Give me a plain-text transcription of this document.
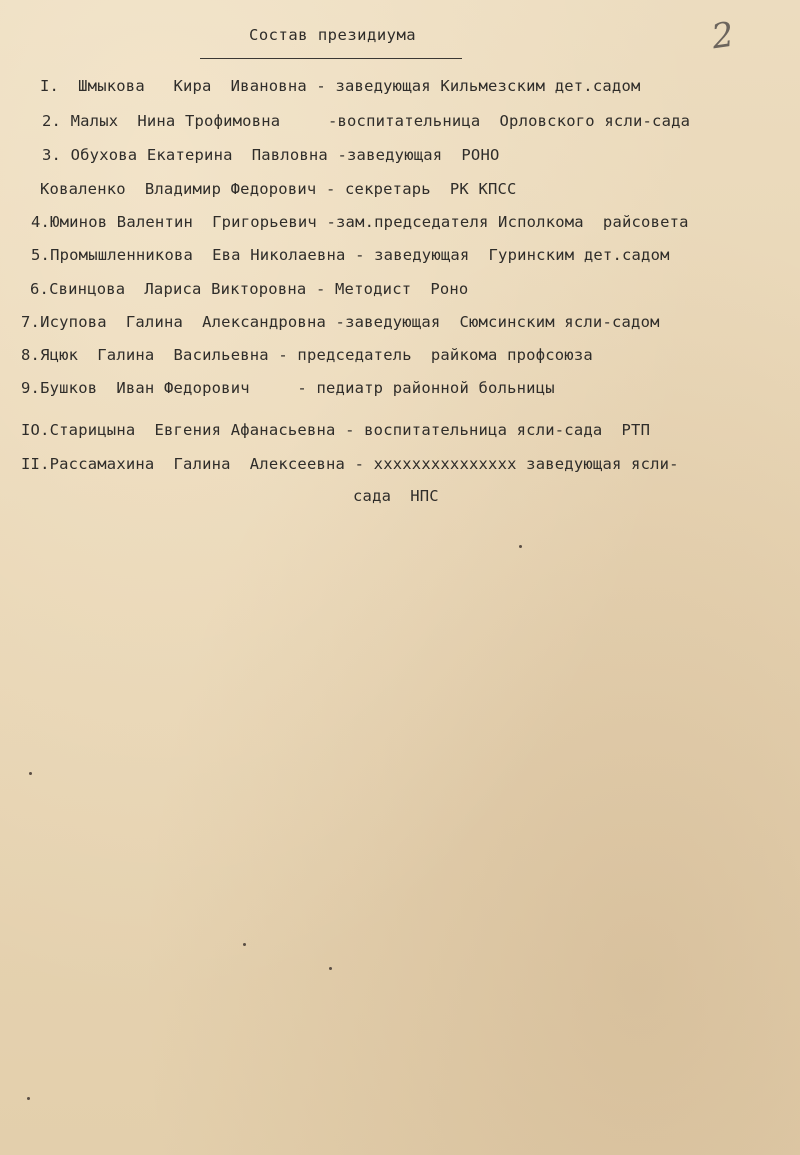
2
Состав президиума
I.  Шмыкова   Кира  Ивановна - заведующая Кильмезским дет.садом
2. Малых  Нина Трофимовна     -воспитательница  Орловского ясли-сада
3. Обухова Екатерина  Павловна -заведующая  РОНО
Коваленко  Владимир Федорович - секретарь  РК КПСС
4.Юминов Валентин  Григорьевич -зам.председателя Исполкома  райсовета
5.Промышленникова  Ева Николаевна - заведующая  Гуринским дет.садом
6.Свинцова  Лариса Викторовна - Методист  Роно
7.Исупова  Галина  Александровна -заведующая  Сюмсинским ясли-садом
8.Яцюк  Галина  Васильевна - председатель  райкома профсоюза
9.Бушков  Иван Федорович     - педиатр районной больницы
IO.Старицына  Евгения Афанасьевна - воспитательница ясли-сада  РТП
II.Рассамахина  Галина  Алексеевна - xxxxxxxxxxxxxxx заведующая ясли-
сада  НПС
